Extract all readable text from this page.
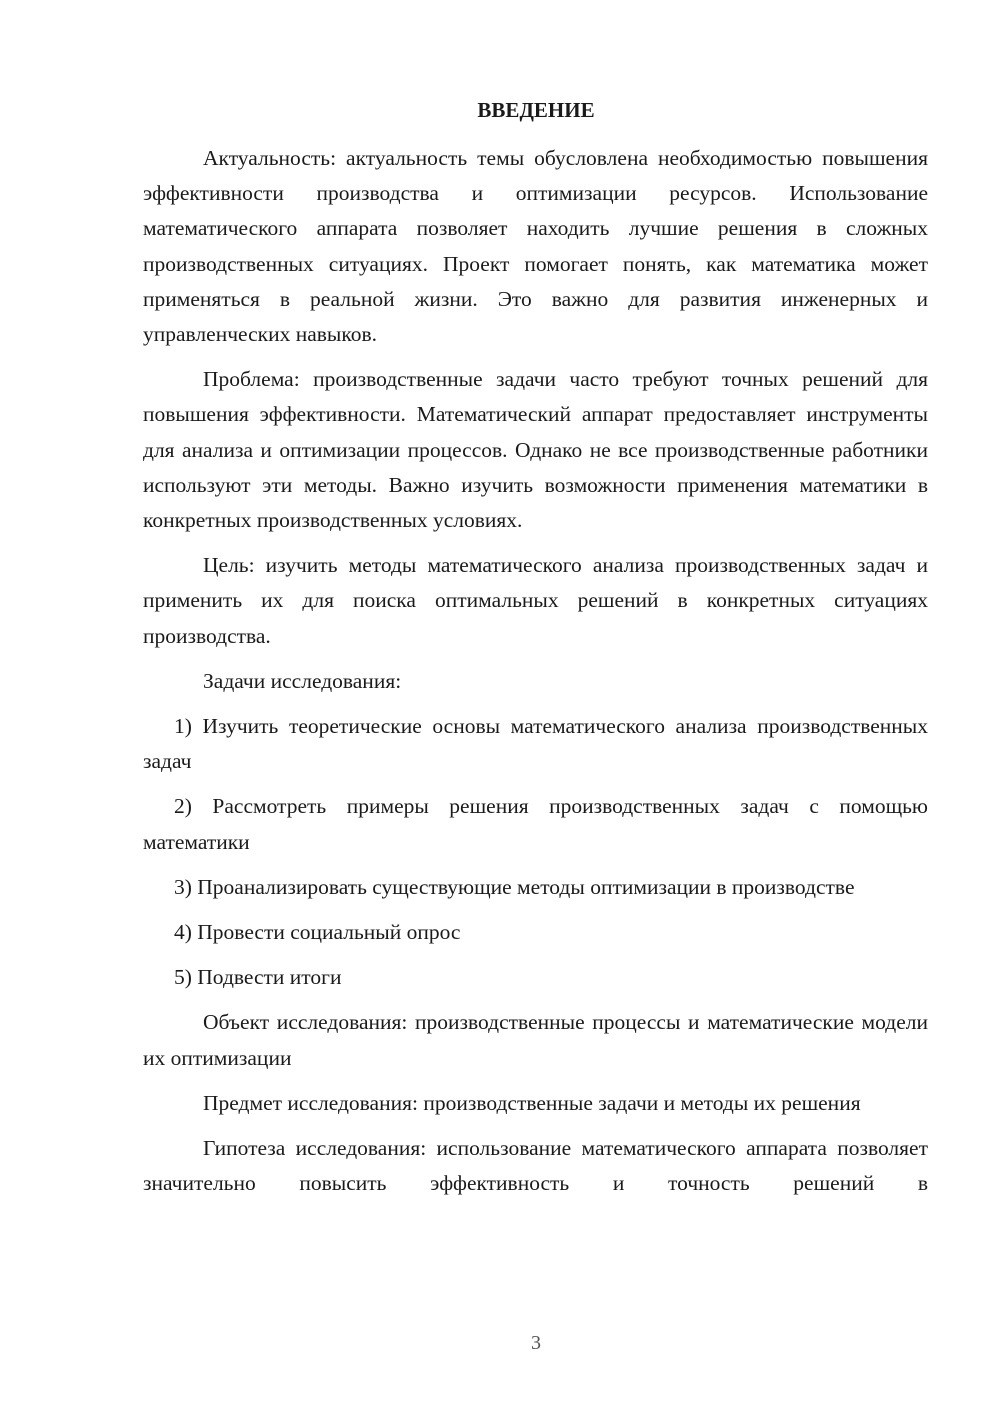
ВВЕДЕНИЕ

Актуальность: актуальность темы обусловлена необходимостью повышения эффективности производства и оптимизации ресурсов. Использование математического аппарата позволяет находить лучшие решения в сложных производственных ситуациях. Проект помогает понять, как математика может применяться в реальной жизни. Это важно для развития инженерных и управленческих навыков.

Проблема: производственные задачи часто требуют точных решений для повышения эффективности. Математический аппарат предоставляет инструменты для анализа и оптимизации процессов. Однако не все производственные работники используют эти методы. Важно изучить возможности применения математики в конкретных производственных условиях.

Цель: изучить методы математического анализа производственных задач и применить их для поиска оптимальных решений в конкретных ситуациях производства.

Задачи исследования:

1) Изучить теоретические основы математического анализа производственных задач

2) Рассмотреть примеры решения производственных задач с помощью математики

3) Проанализировать существующие методы оптимизации в производстве

4) Провести социальный опрос

5) Подвести итоги

Объект исследования: производственные процессы и математические модели их оптимизации

Предмет исследования: производственные задачи и методы их решения

Гипотеза исследования: использование математического аппарата позволяет значительно повысить эффективность и точность решений в

3
